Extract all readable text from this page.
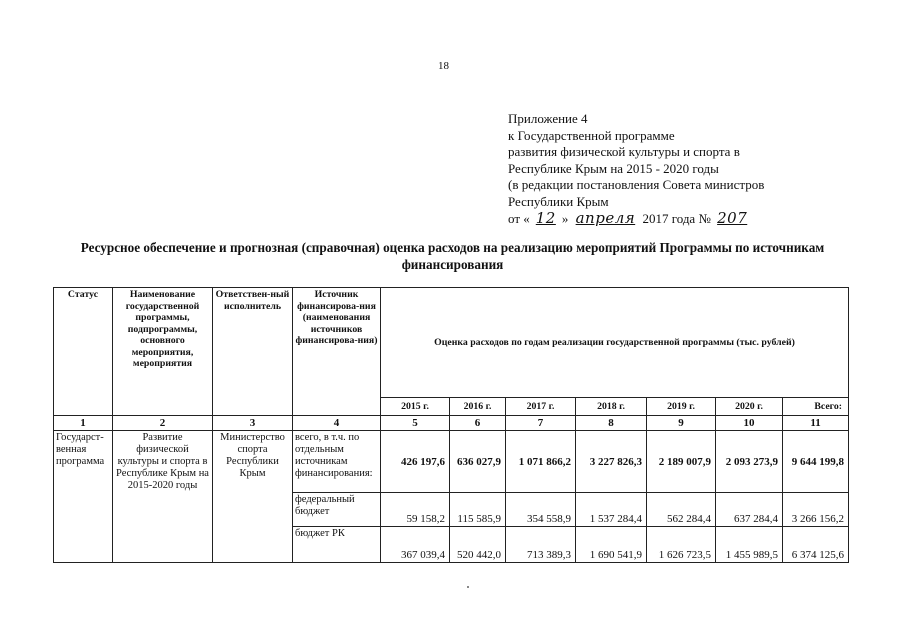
18
Приложение 4
к Государственной программе
развития физической культуры и спорта в
Республике Крым на 2015 - 2020 годы
(в редакции постановления Совета министров
Республики Крым
от « 12 » апреля 2017 года № 207
Ресурсное обеспечение и прогнозная (справочная) оценка расходов на реализацию мероприятий Программы по источникам финансирования
Статус	Наименование государственной программы, подпрограммы, основного мероприятия, мероприятия	Ответствен-ный исполнитель	Источник финансирова-ния (наименования источников финансирова-ния)	Оценка расходов по годам реализации государственной программы (тыс. рублей)						
				2015 г.	2016 г.	2017 г.	2018 г.	2019 г.	2020 г.	Всего:
1	2	3	4	5	6	7	8	9	10	11
Государст-венная программа	Развитие физической культуры и спорта в Республике Крым на 2015-2020 годы	Министерство спорта Республики Крым	всего, в т.ч. по отдельным источникам финансирования:	426 197,6	636 027,9	1 071 866,2	3 227 826,3	2 189 007,9	2 093 273,9	9 644 199,8
			федеральный бюджет	59 158,2	115 585,9	354 558,9	1 537 284,4	562 284,4	637 284,4	3 266 156,2
			бюджет РК	367 039,4	520 442,0	713 389,3	1 690 541,9	1 626 723,5	1 455 989,5	6 374 125,6
